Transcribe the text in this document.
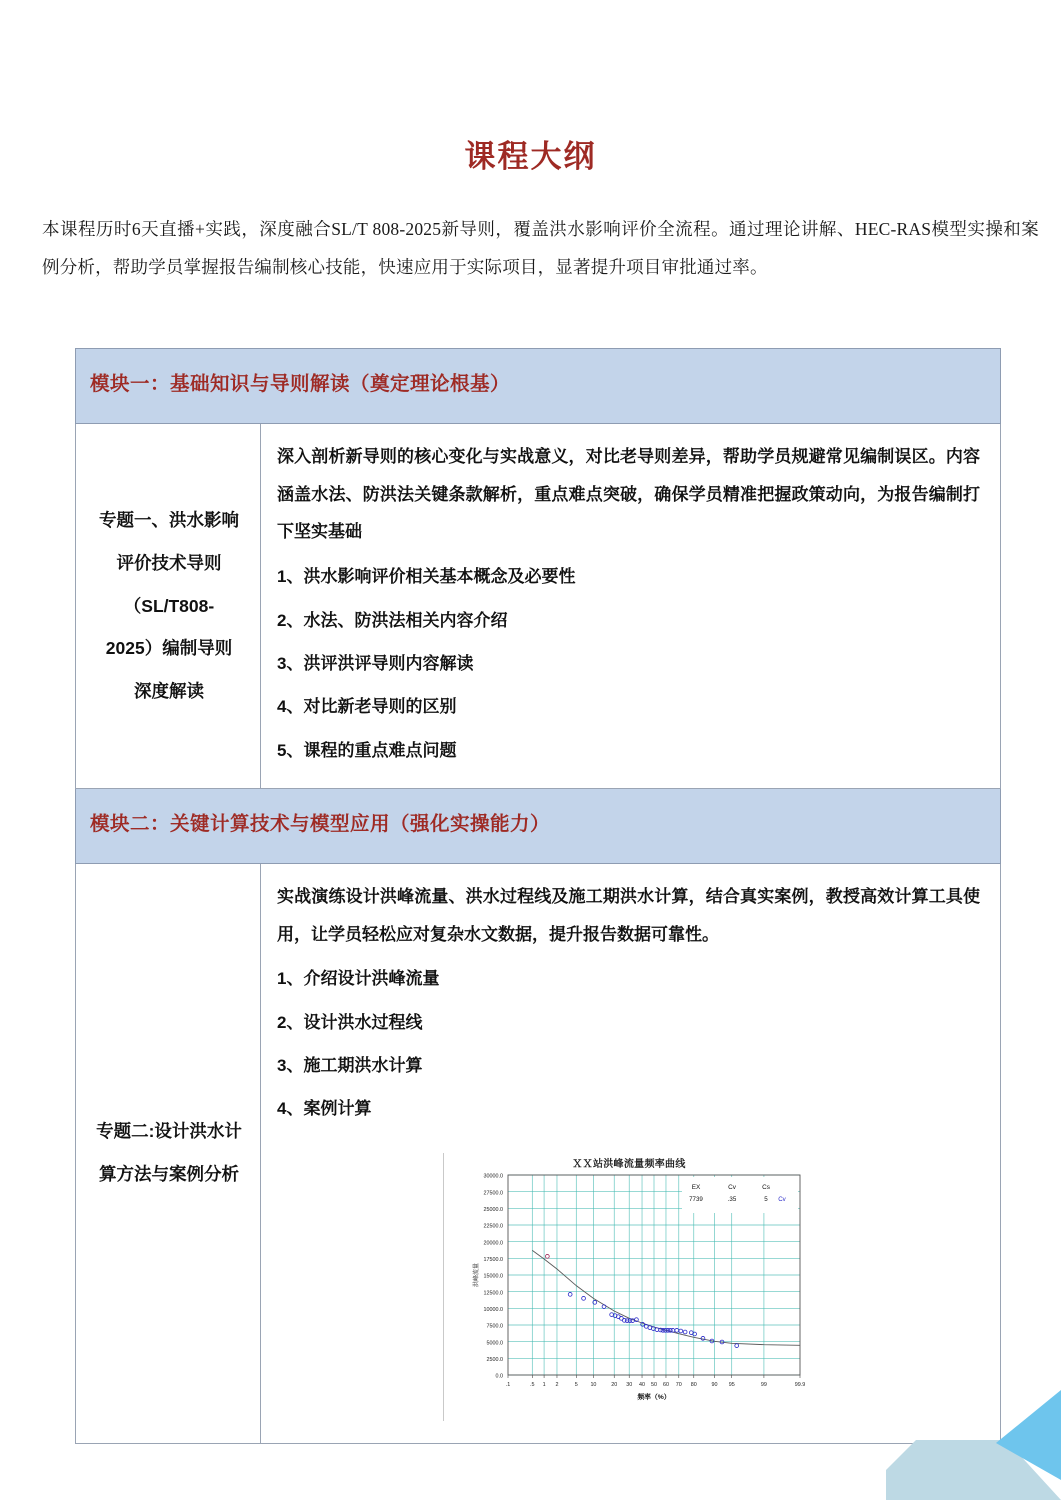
课程大纲

本课程历时6天直播+实践，深度融合SL/T 808-2025新导则，覆盖洪水影响评价全流程。通过理论讲解、HEC-RAS模型实操和案例分析，帮助学员掌握报告编制核心技能，快速应用于实际项目，显著提升项目审批通过率。

模块一：基础知识与导则解读（奠定理论根基）	

专题一、洪水影响
评价技术导则
（SL/T808-
2025）编制导则
深度解读

深入剖析新导则的核心变化与实战意义，对比老导则差异，帮助学员规避常见编制误区。内容涵盖水法、防洪法关键条款解析，重点难点突破，确保学员精准把握政策动向，为报告编制打下坚实基础

1、洪水影响评价相关基本概念及必要性
2、水法、防洪法相关内容介绍
3、洪评洪评导则内容解读
4、对比新老导则的区别
5、课程的重点难点问题

模块二：关键计算技术与模型应用（强化实操能力）	

专题二:设计洪水计
算方法与案例分析

实战演练设计洪峰流量、洪水过程线及施工期洪水计算，结合真实案例，教授高效计算工具使用，让学员轻松应对复杂水文数据，提升报告数据可靠性。

1、介绍设计洪峰流量
2、设计洪水过程线
3、施工期洪水计算
4、案例计算
ＸＸ站洪峰流量频率曲线
0.0
2500.0
5000.0
7500.0
10000.0
12500.0
15000.0
17500.0
20000.0
22500.0
25000.0
27500.0
30000.0
.1	.5 1 2	5 10	20 30 40 50 60 70 80	90 95	99	99.9
EX	Cv	Cs
7739	.35	5 Cv
频率（%）
洪峰流量
